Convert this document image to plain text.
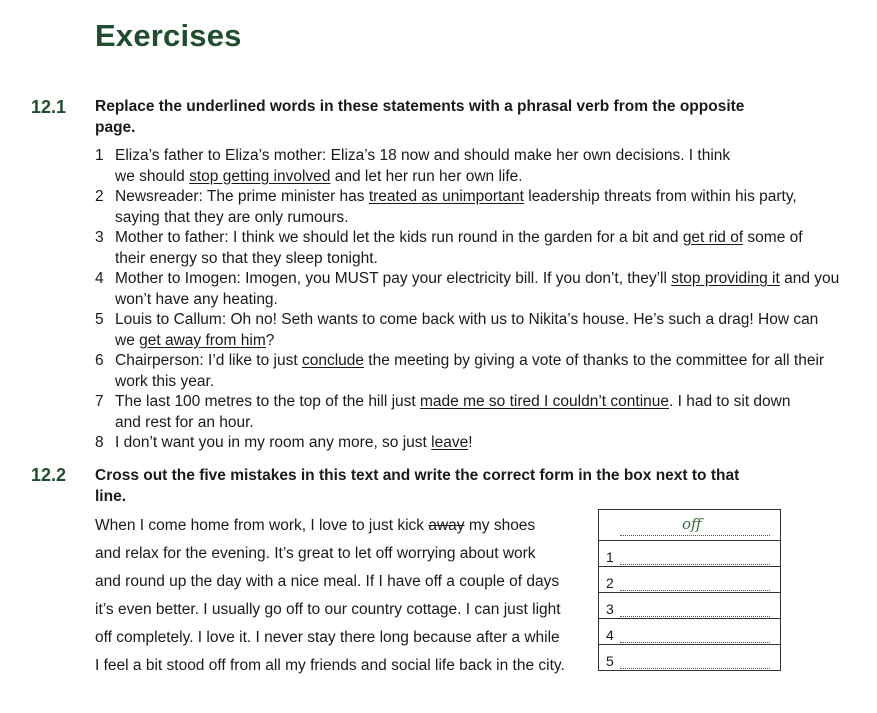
Exercises
12.1 Replace the underlined words in these statements with a phrasal verb from the opposite page.
1 Eliza’s father to Eliza’s mother: Eliza’s 18 now and should make her own decisions. I think we should stop getting involved and let her run her own life.
2 Newsreader: The prime minister has treated as unimportant leadership threats from within his party, saying that they are only rumours.
3 Mother to father: I think we should let the kids run round in the garden for a bit and get rid of some of their energy so that they sleep tonight.
4 Mother to Imogen: Imogen, you MUST pay your electricity bill. If you don’t, they’ll stop providing it and you won’t have any heating.
5 Louis to Callum: Oh no! Seth wants to come back with us to Nikita’s house. He’s such a drag! How can we get away from him?
6 Chairperson: I’d like to just conclude the meeting by giving a vote of thanks to the committee for all their work this year.
7 The last 100 metres to the top of the hill just made me so tired I couldn’t continue. I had to sit down and rest for an hour.
8 I don’t want you in my room any more, so just leave!
12.2 Cross out the five mistakes in this text and write the correct form in the box next to that line.
When I come home from work, I love to just kick away my shoes and relax for the evening. It’s great to let off worrying about work and round up the day with a nice meal. If I have off a couple of days it’s even better. I usually go off to our country cottage. I can just light off completely. I love it. I never stay there long because after a while I feel a bit stood off from all my friends and social life back in the city.
off

1

2

3

4

5
